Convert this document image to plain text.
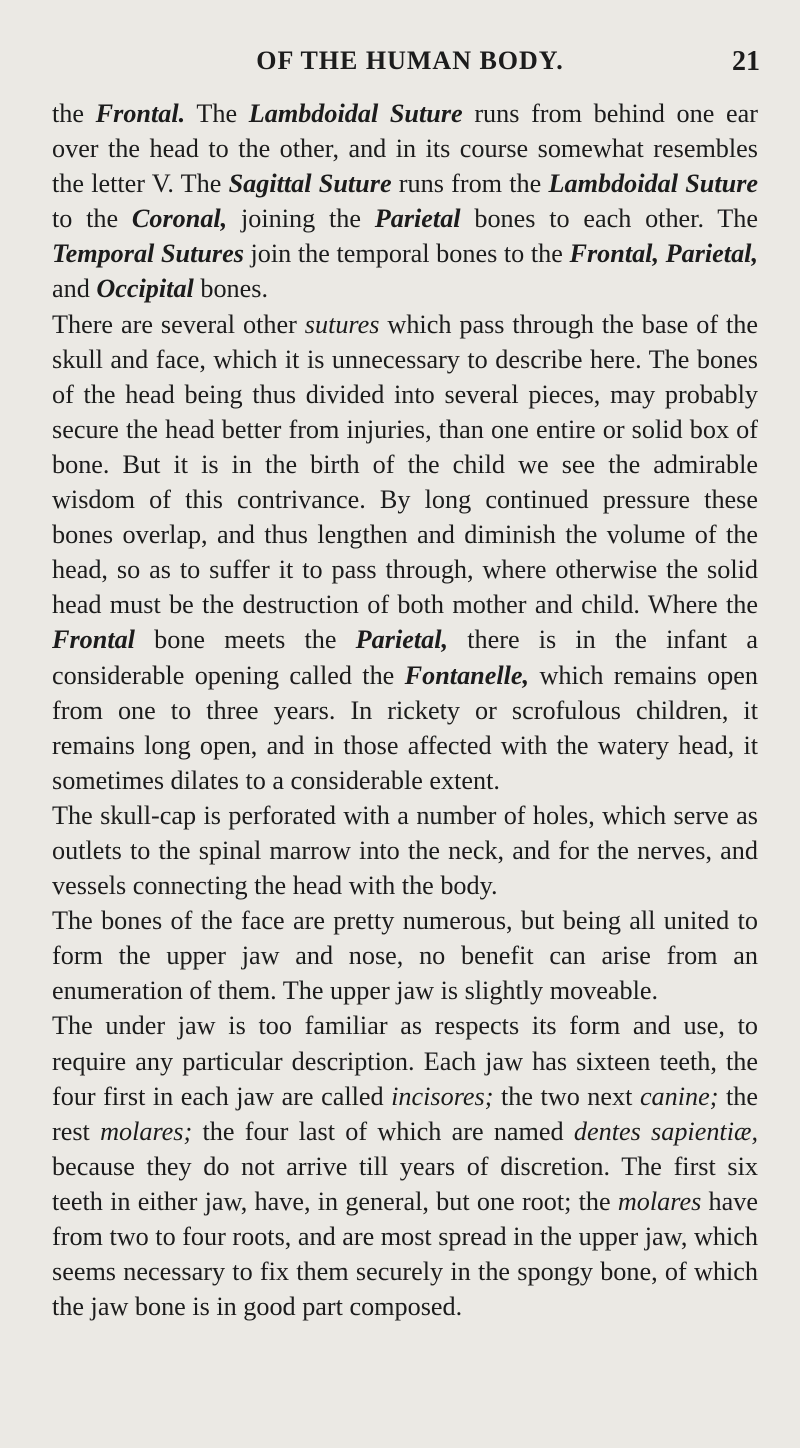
OF THE HUMAN BODY.	21

the Frontal. The Lambdoidal Suture runs from behind one ear over the head to the other, and in its course somewhat resembles the letter V. The Sagittal Suture runs from the Lambdoidal Suture to the Coronal, joining the Parietal bones to each other. The Temporal Sutures join the temporal bones to the Frontal, Parietal, and Occipital bones.

There are several other sutures which pass through the base of the skull and face, which it is unnecessary to describe here. The bones of the head being thus divided into several pieces, may probably secure the head better from injuries, than one entire or solid box of bone. But it is in the birth of the child we see the admirable wisdom of this contrivance. By long continued pressure these bones overlap, and thus lengthen and diminish the volume of the head, so as to suffer it to pass through, where otherwise the solid head must be the destruction of both mother and child. Where the Frontal bone meets the Parietal, there is in the infant a considerable opening called the Fontanelle, which remains open from one to three years. In rickety or scrofulous children, it remains long open, and in those affected with the watery head, it sometimes dilates to a considerable extent.

The skull-cap is perforated with a number of holes, which serve as outlets to the spinal marrow into the neck, and for the nerves, and vessels connecting the head with the body.

The bones of the face are pretty numerous, but being all united to form the upper jaw and nose, no benefit can arise from an enumeration of them. The upper jaw is slightly moveable.

The under jaw is too familiar as respects its form and use, to require any particular description. Each jaw has sixteen teeth, the four first in each jaw are called incisores; the two next canine; the rest molares; the four last of which are named dentes sapientiæ, because they do not arrive till years of discretion. The first six teeth in either jaw, have, in general, but one root; the molares have from two to four roots, and are most spread in the upper jaw, which seems necessary to fix them securely in the spongy bone, of which the jaw bone is in good part composed.
